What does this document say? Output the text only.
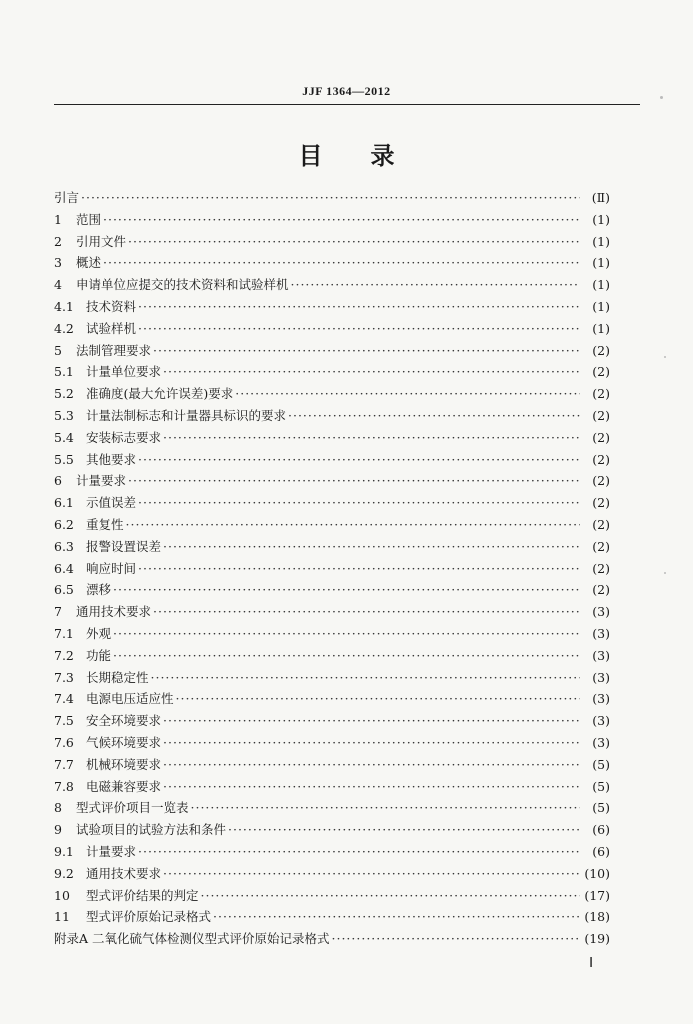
JJF 1364—2012
目录
引言 ·····	(Ⅱ)
1	范围 ·····	(1)
2	引用文件 ·····	(1)
3	概述 ·····	(1)
4	申请单位应提交的技术资料和试验样机 ·····	(1)
4.1 技术资料 ·····	(1)
4.2 试验样机 ·····	(1)
5	法制管理要求 ·····	(2)
5.1 计量单位要求 ·····	(2)
5.2 准确度(最大允许误差)要求 ·····	(2)
5.3 计量法制标志和计量器具标识的要求 ·····	(2)
5.4 安装标志要求 ·····	(2)
5.5 其他要求 ·····	(2)
6	计量要求 ·····	(2)
6.1 示值误差 ·····	(2)
6.2 重复性 ·····	(2)
6.3 报警设置误差 ·····	(2)
6.4 响应时间 ·····	(2)
6.5 漂移 ·····	(2)
7	通用技术要求 ·····	(3)
7.1 外观 ·····	(3)
7.2 功能 ·····	(3)
7.3 长期稳定性 ·····	(3)
7.4 电源电压适应性 ·····	(3)
7.5 安全环境要求 ·····	(3)
7.6 气候环境要求 ·····	(3)
7.7 机械环境要求 ·····	(5)
7.8 电磁兼容要求 ·····	(5)
8	型式评价项目一览表 ·····	(5)
9	试验项目的试验方法和条件 ·····	(6)
9.1 计量要求 ·····	(6)
9.2 通用技术要求 ·····	(10)
10	型式评价结果的判定 ·····	(17)
11	型式评价原始记录格式 ·····	(18)
附录A 二氧化硫气体检测仪型式评价原始记录格式 ·····	(19)
Ⅰ
